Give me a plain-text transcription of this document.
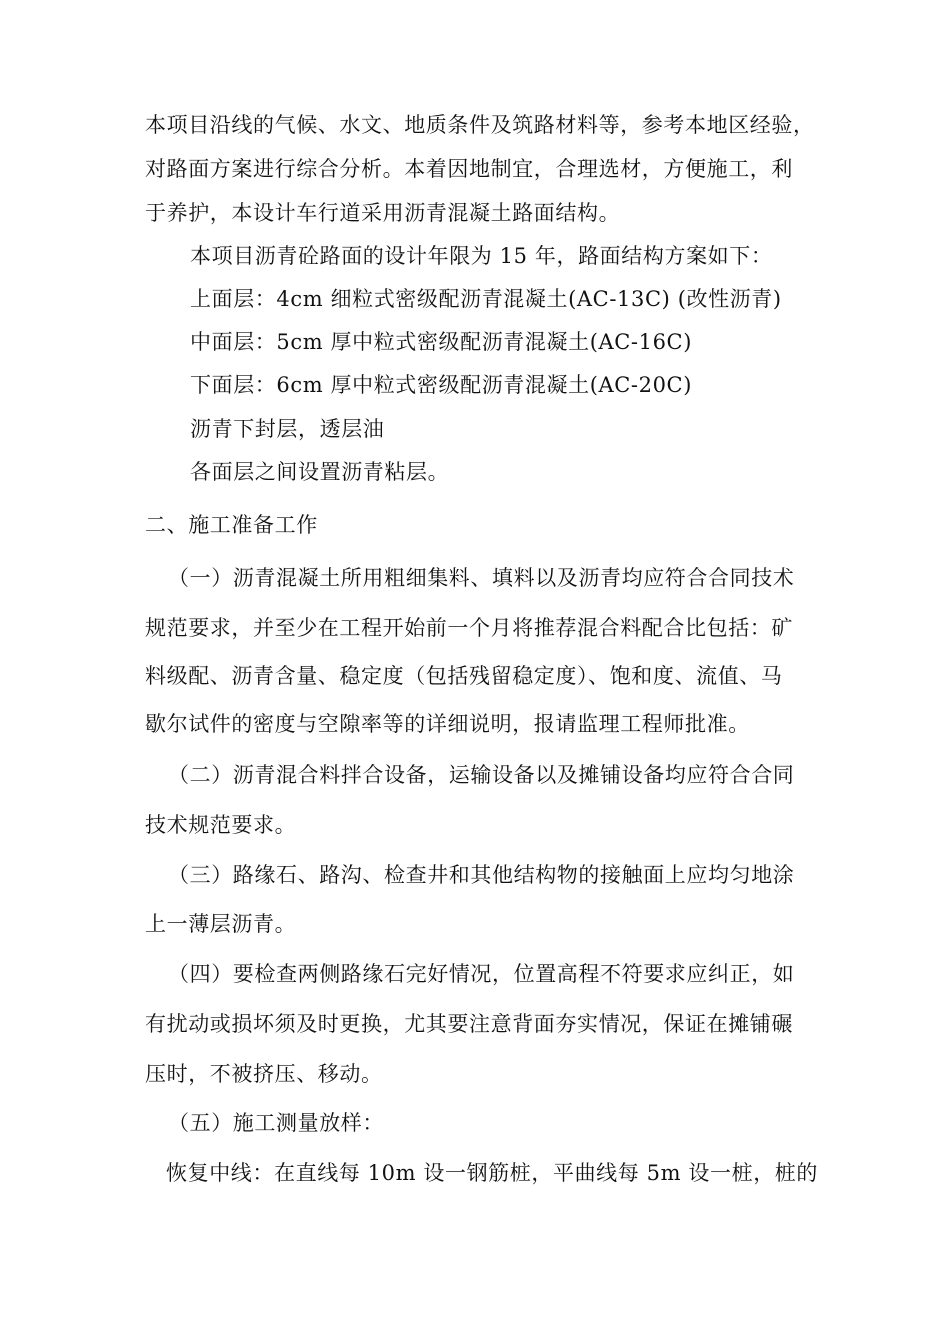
本项目沿线的气候、水文、地质条件及筑路材料等，参考本地区经验，
对路面方案进行综合分析。本着因地制宜，合理选材，方便施工，利
于养护，本设计车行道采用沥青混凝土路面结构。
本项目沥青砼路面的设计年限为 15 年，路面结构方案如下：
上面层：4cm 细粒式密级配沥青混凝土(AC-13C) (改性沥青)
中面层：5cm 厚中粒式密级配沥青混凝土(AC-16C)
下面层：6cm 厚中粒式密级配沥青混凝土(AC-20C)
沥青下封层，透层油
各面层之间设置沥青粘层。
二、施工准备工作
（一）沥青混凝土所用粗细集料、填料以及沥青均应符合合同技术
规范要求，并至少在工程开始前一个月将推荐混合料配合比包括：矿
料级配、沥青含量、稳定度（包括残留稳定度）、饱和度、流值、马
歇尔试件的密度与空隙率等的详细说明，报请监理工程师批准。
（二）沥青混合料拌合设备，运输设备以及摊铺设备均应符合合同
技术规范要求。
（三）路缘石、路沟、检查井和其他结构物的接触面上应均匀地涂
上一薄层沥青。
（四）要检查两侧路缘石完好情况，位置高程不符要求应纠正，如
有扰动或损坏须及时更换，尤其要注意背面夯实情况，保证在摊铺碾
压时，不被挤压、移动。
（五）施工测量放样：
恢复中线：在直线每 10m 设一钢筋桩，平曲线每 5m 设一桩，桩的
